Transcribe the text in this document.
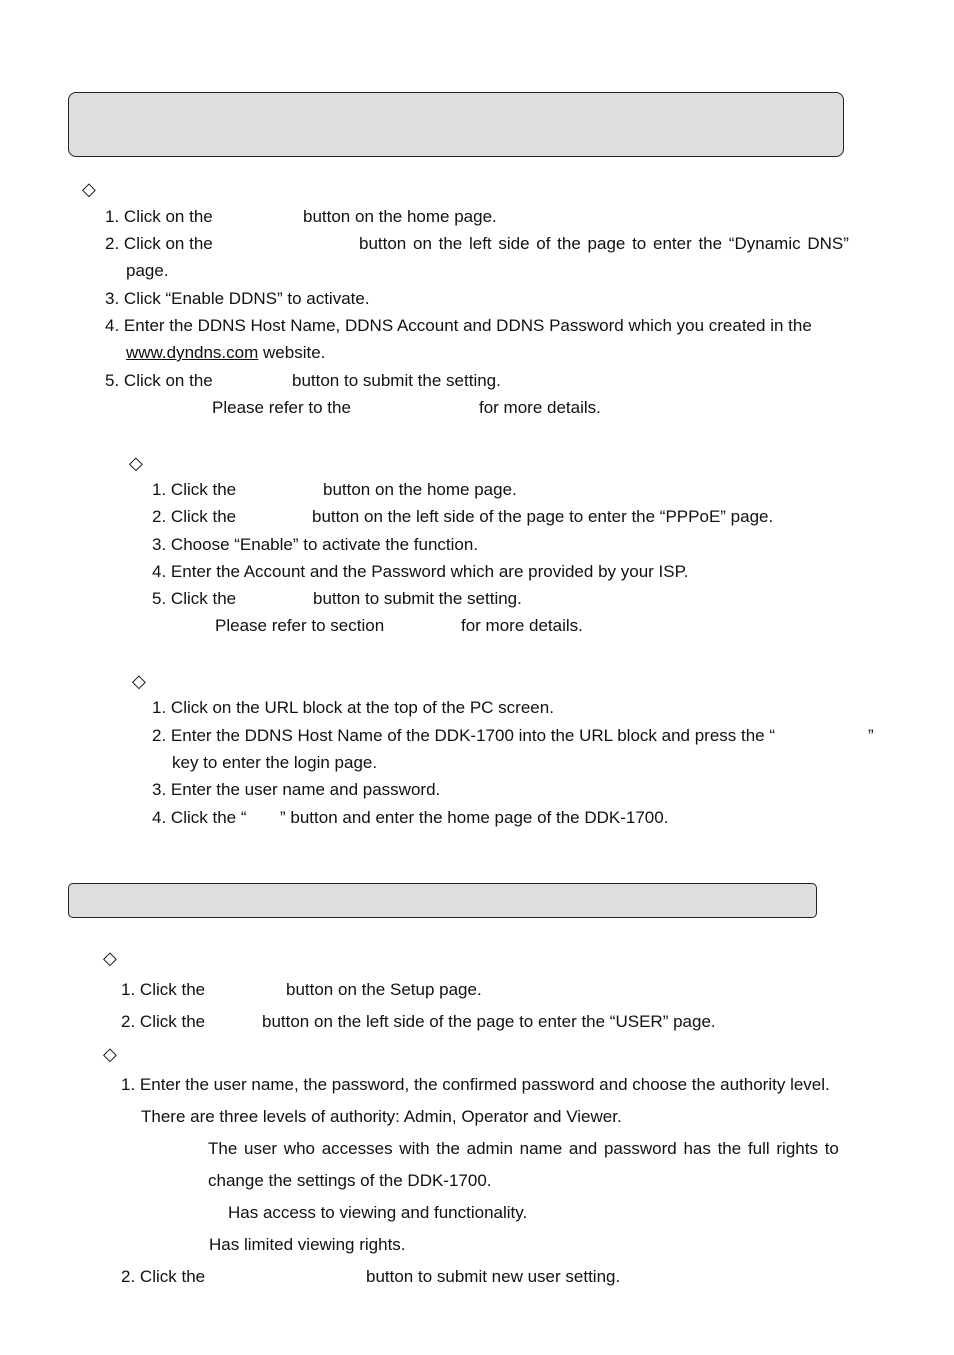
◇
1. Click on the	button on the home page.
2. Click on the	button on the left side of the page to enter the “Dynamic DNS”
page.
3. Click “Enable DDNS” to activate.
4. Enter the DDNS Host Name, DDNS Account and DDNS Password which you created in the
www.dyndns.com website.
5. Click on the	button to submit the setting.
Please refer to the	for more details.
◇
1. Click the	button on the home page.
2. Click the	button on the left side of the page to enter the “PPPoE” page.
3. Choose “Enable” to activate the function.
4. Enter the Account and the Password which are provided by your ISP.
5. Click the	button to submit the setting.
Please refer to section	for more details.
◇
1. Click on the URL block at the top of the PC screen.
2. Enter the DDNS Host Name of the DDK-1700 into the URL block and press the “	”
key to enter the login page.
3. Enter the user name and password.
4. Click the “ ” button and enter the home page of the DDK-1700.
◇
1. Click the	button on the Setup page.
2. Click the	button on the left side of the page to enter the “USER” page.
◇
1. Enter the user name, the password, the confirmed password and choose the authority level.
There are three levels of authority: Admin, Operator and Viewer.
The user who accesses with the admin name and password has the full rights to
change the settings of the DDK-1700.
Has access to viewing and functionality.
Has limited viewing rights.
2. Click the	button to submit new user setting.
